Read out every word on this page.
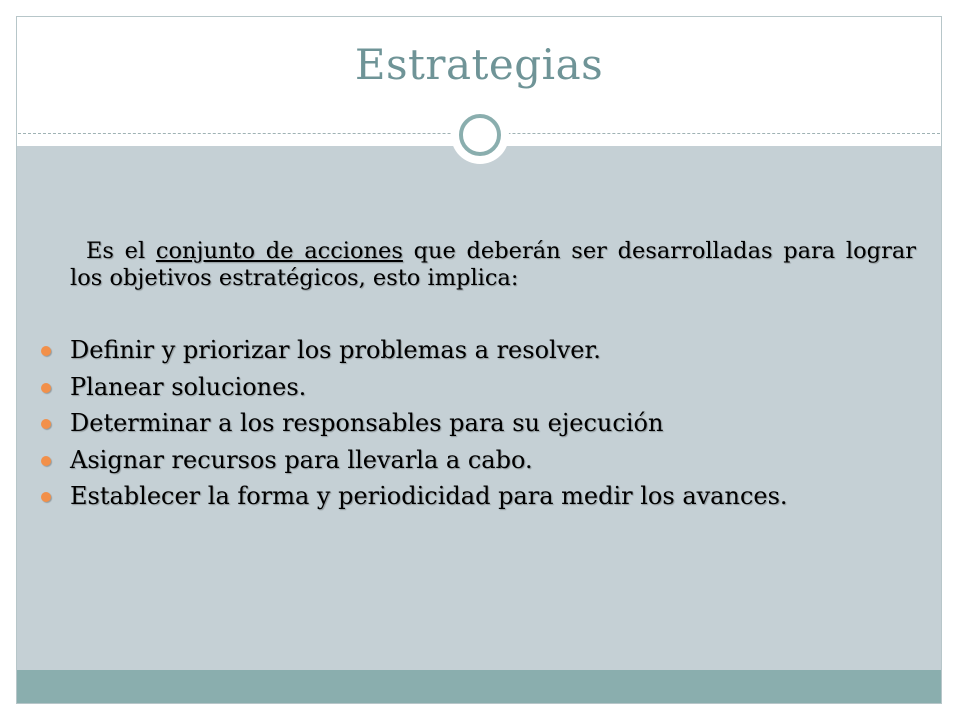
Estrategias

Es el conjunto de acciones que deberán ser desarrolladas para lograr los objetivos estratégicos, esto implica:

Definir y priorizar los problemas a resolver.
Planear soluciones.
Determinar a los responsables para su ejecución
Asignar recursos para llevarla a cabo.
Establecer la forma y periodicidad para medir los avances.
